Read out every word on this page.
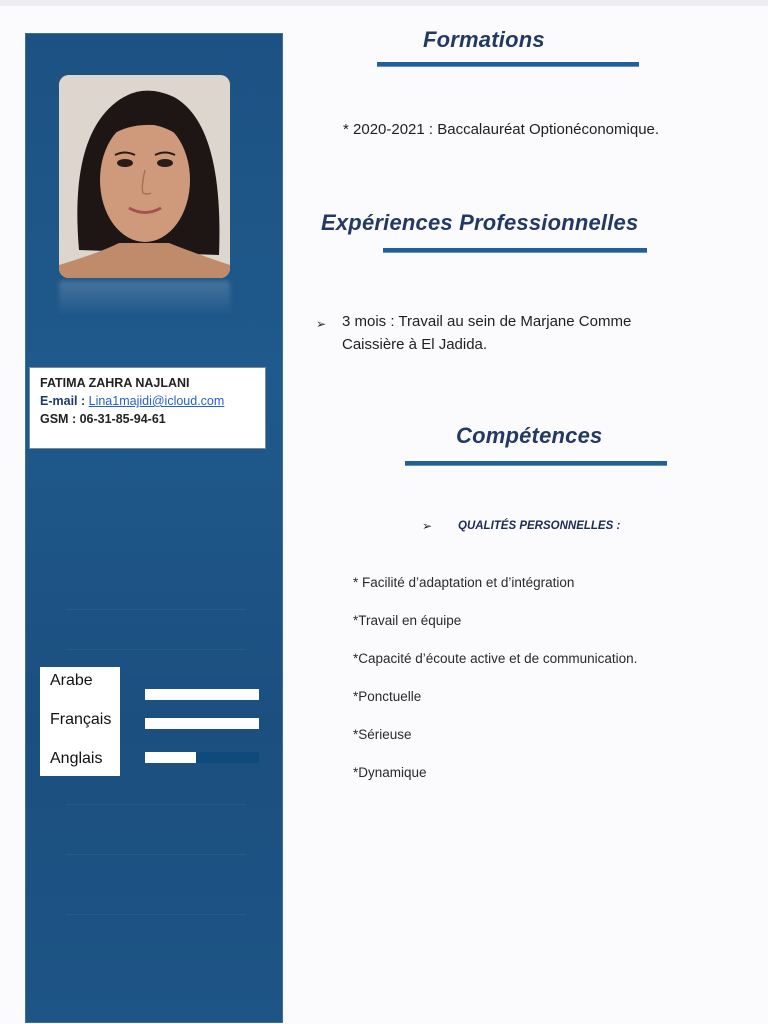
FATIMA ZAHRA NAJLANI
E-mail : Lina1majidi@icloud.com
GSM : 06-31-85-94-61
Arabe
Français
Anglais
Formations
* 2020-2021 : Baccalauréat Optionéconomique.
Expériences Professionnelles
➢ 3 mois : Travail au sein de Marjane Comme
Caissière à El Jadida.
Compétences
➢ QUALITÉS PERSONNELLES :
* Facilité d’adaptation et d’intégration
*Travail en équipe
*Capacité d’écoute active et de communication.
*Ponctuelle
*Sérieuse
*Dynamique
